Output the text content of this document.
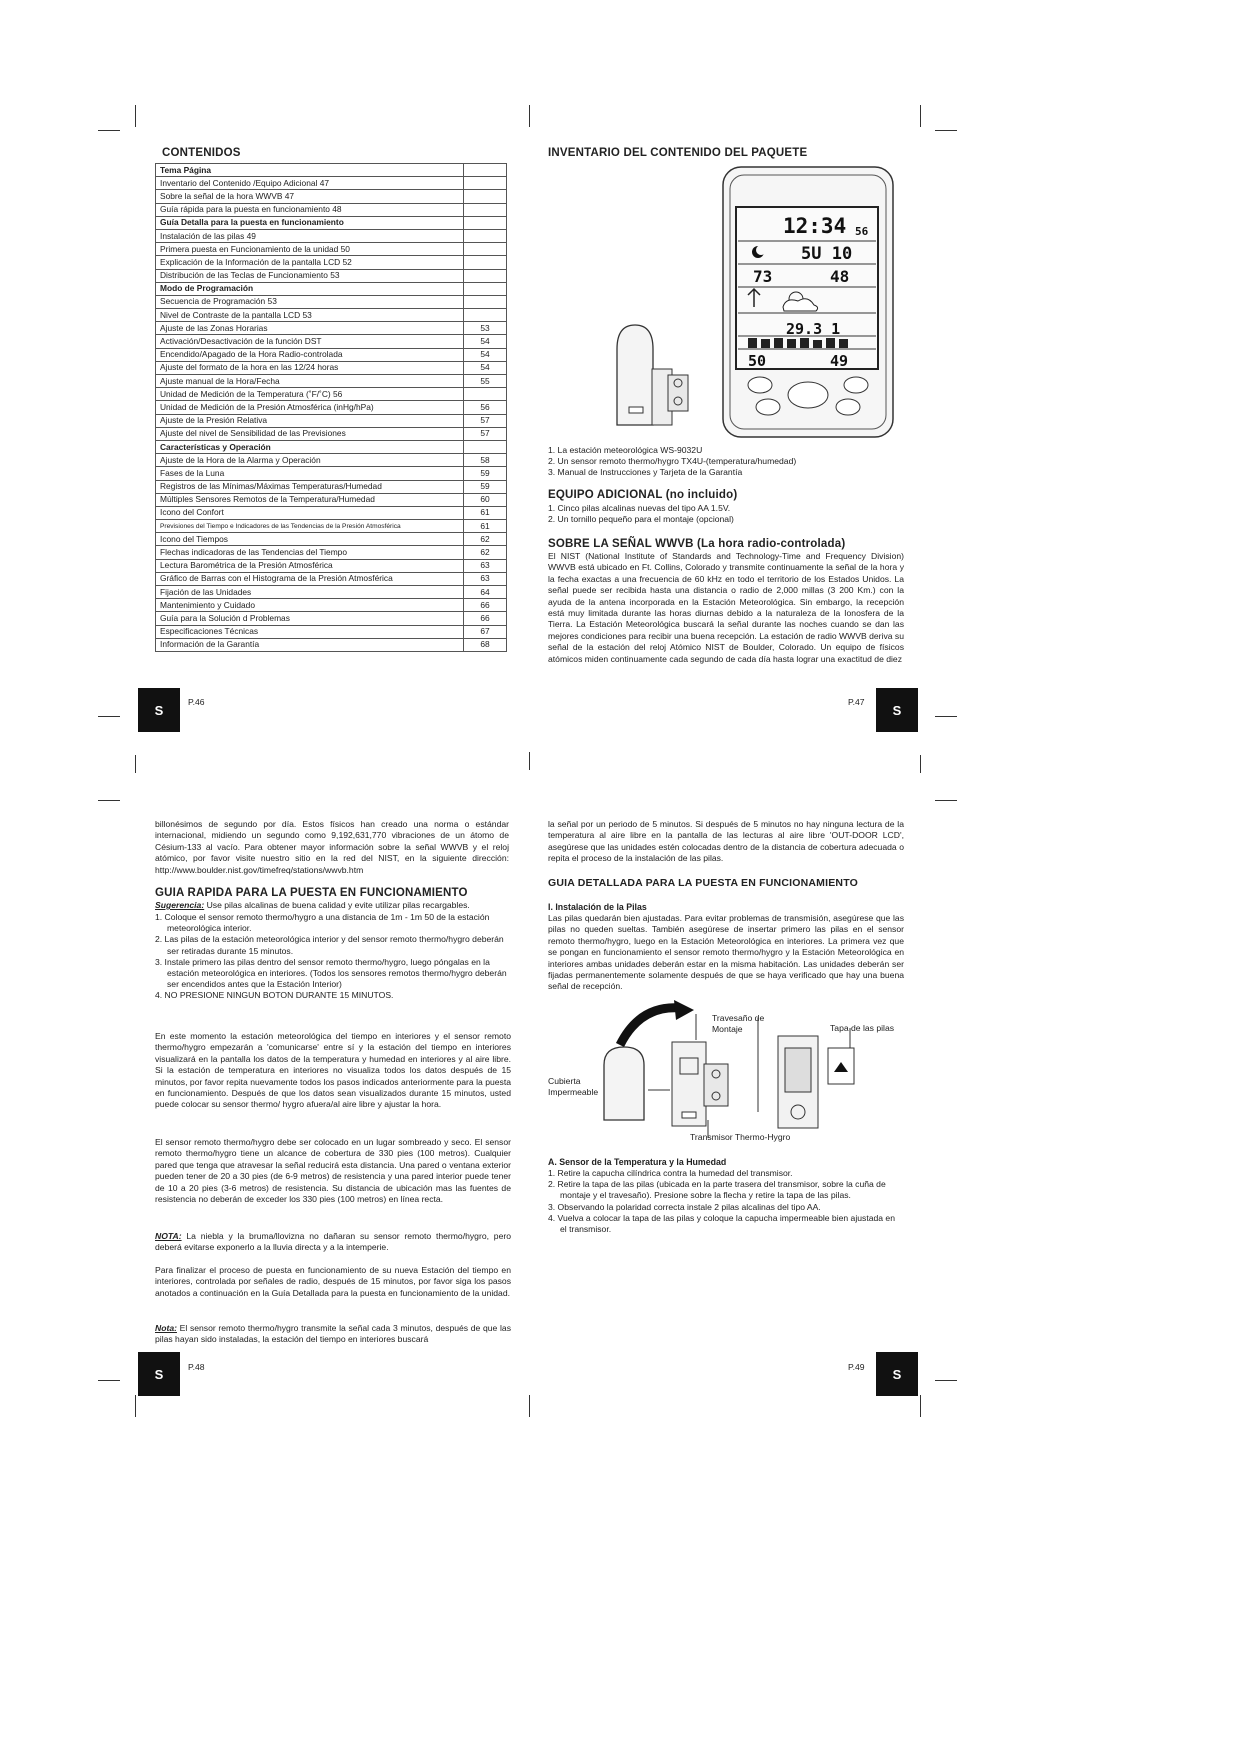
CONTENIDOS
Tema Página	
Inventario del Contenido /Equipo Adicional 47	
Sobre la señal de la hora WWVB 47	
Guía rápida para la puesta en funcionamiento 48	
Guía Detalla para la puesta en funcionamiento	
Instalación de las pilas 49	
Primera puesta en Funcionamiento de la unidad 50	
Explicación de la Información de la pantalla LCD 52	
Distribución de las Teclas de Funcionamiento 53	
Modo de Programación	
Secuencia de Programación 53	
Nivel de Contraste de la pantalla LCD 53	
Ajuste de las Zonas Horarias	53
Activación/Desactivación de la función DST	54
Encendido/Apagado de la Hora Radio-controlada	54
Ajuste del formato de la hora en las 12/24 horas	54
Ajuste manual de la Hora/Fecha	55
Unidad de Medición de la Temperatura (˚F/˚C) 56	
Unidad de Medición de la Presión Atmosférica (inHg/hPa)	56
Ajuste de la Presión Relativa	57
Ajuste del nivel de Sensibilidad de las Previsiones	57
Características y Operación	
Ajuste de la Hora de la Alarma y Operación	58
Fases de la Luna	59
Registros de las Mínimas/Máximas Temperaturas/Humedad	59
Múltiples Sensores Remotos de la Temperatura/Humedad	60
Icono del Confort	61
Previsiones del Tiempo e Indicadores de las Tendencias de la Presión Atmosférica	61
Icono del Tiempos	62
Flechas indicadoras de las Tendencias del Tiempo	62
Lectura Barométrica de la Presión Atmosférica	63
Gráfico de Barras con el Histograma de la Presión Atmosférica	63
Fijación de las Unidades	64
Mantenimiento y Cuidado	66
Guía para la Solución d Problemas	66
Especificaciones Técnicas	67
Información de la Garantía	68
S
P.46
INVENTARIO DEL CONTENIDO DEL PAQUETE
12:34 56
5U 10
73	48
29.3 1
50	49
1. La estación meteorológica WS-9032U
2. Un sensor remoto thermo/hygro TX4U-(temperatura/humedad)
3. Manual de Instrucciones y Tarjeta de la Garantía
EQUIPO ADICIONAL (no incluido)
1. Cinco pilas alcalinas nuevas del tipo AA 1.5V.
2. Un tornillo pequeño para el montaje (opcional)
SOBRE LA SEÑAL WWVB (La hora radio-controlada)

El NIST (National Institute of Standards and Technology-Time and Frequency Division) WWVB está ubicado en Ft. Collins, Colorado y transmite continuamente la señal de la hora y la fecha exactas a una frecuencia de 60 kHz en todo el territorio de los Estados Unidos. La señal puede ser recibida hasta una distancia o radio de 2,000 millas (3 200 Km.) con la ayuda de la antena incorporada en la Estación Meteorológica. Sin embargo, la recepción está muy limitada durante las horas diurnas debido a la naturaleza de la Ionosfera de la Tierra. La Estación Meteorológica buscará la señal durante las noches cuando se dan las mejores condiciones para recibir una buena recepción. La estación de radio WWVB deriva su señal de la estación del reloj Atómico NIST de Boulder, Colorado. Un equipo de físicos atómicos miden continuamente cada segundo de cada día hasta lograr una exactitud de diez

P.47
S

billonésimos de segundo por día. Estos físicos han creado una norma o estándar internacional, midiendo un segundo como 9,192,631,770 vibraciones de un átomo de Césium-133 al vacío. Para obtener mayor información sobre la señal WWVB y el reloj atómico, por favor visite nuestro sitio en la red del NIST, en la siguiente dirección: http://www.boulder.nist.gov/timefreq/stations/wwvb.htm

GUIA RAPIDA PARA LA PUESTA EN FUNCIONAMIENTO

Sugerencia: Use pilas alcalinas de buena calidad y evite utilizar pilas recargables.

1. Coloque el sensor remoto thermo/hygro a una distancia de 1m - 1m 50 de la estación meteorológica interior.
2. Las pilas de la estación meteorológica interior y del sensor remoto thermo/hygro deberán ser retiradas durante 15 minutos.
3. Instale primero las pilas dentro del sensor remoto thermo/hygro, luego póngalas en la estación meteorológica en interiores. (Todos los sensores remotos thermo/hygro deberán ser encendidos antes que la Estación Interior)
4. NO PRESIONE NINGUN BOTON DURANTE 15 MINUTOS.

En este momento la estación meteorológica del tiempo en interiores y el sensor remoto thermo/hygro empezarán a 'comunicarse' entre sí y la estación del tiempo en interiores visualizará en la pantalla los datos de la temperatura y humedad en interiores y al aire libre. Si la estación de temperatura en interiores no visualiza todos los datos después de 15 minutos, por favor repita nuevamente todos los pasos indicados anteriormente para la puesta en funcionamiento. Después de que los datos sean visualizados durante 15 minutos, usted puede colocar su sensor thermo/ hygro afuera/al aire libre y ajustar la hora.

El sensor remoto thermo/hygro debe ser colocado en un lugar sombreado y seco. El sensor remoto thermo/hygro tiene un alcance de cobertura de 330 pies (100 metros). Cualquier pared que tenga que atravesar la señal reducirá esta distancia. Una pared o ventana exterior pueden tener de 20 a 30 pies (de 6-9 metros) de resistencia y una pared interior puede tener de 10 a 20 pies (3-6 metros) de resistencia. Su distancia de ubicación mas las fuentes de resistencia no deberán de exceder los 330 pies (100 metros) en línea recta.

NOTA: La niebla y la bruma/llovizna no dañaran su sensor remoto thermo/hygro, pero deberá evitarse exponerlo a la lluvia directa y a la intemperie.

Para finalizar el proceso de puesta en funcionamiento de su nueva Estación del tiempo en interiores, controlada por señales de radio, después de 15 minutos, por favor siga los pasos anotados a continuación en la Guía Detallada para la puesta en funcionamiento de la unidad.

Nota: El sensor remoto thermo/hygro transmite la señal cada 3 minutos, después de que las pilas hayan sido instaladas, la estación del tiempo en interiores buscará

S	P.48

la señal por un periodo de 5 minutos. Si después de 5 minutos no hay ninguna lectura de la temperatura al aire libre en la pantalla de las lecturas al aire libre 'OUT-DOOR LCD', asegúrese que las unidades estén colocadas dentro de la distancia de cobertura adecuada o repita el proceso de la instalación de las pilas.

GUIA DETALLADA PARA LA PUESTA EN FUNCIONAMIENTO

I. Instalación de la Pilas

Las pilas quedarán bien ajustadas. Para evitar problemas de transmisión, asegúrese que las pilas no queden sueltas. También asegúrese de insertar primero las pilas en el sensor remoto thermo/hygro, luego en la Estación Meteorológica en interiores. La primera vez que se pongan en funcionamiento el sensor remoto thermo/hygro y la Estación Meteorológica en interiores ambas unidades deberán estar en la misma habitación. Las unidades deberán ser fijadas permanentemente solamente después de que se haya verificado que hay una buena señal de recepción.

Travesaño de Montaje	Tapa de las pilas
Cubierta Impermeable
Transmisor Thermo-Hygro

A. Sensor de la Temperatura y la Humedad

1. Retire la capucha cilíndrica contra la humedad del transmisor.
2. Retire la tapa de las pilas (ubicada en la parte trasera del transmisor, sobre la cuña de montaje y el travesaño). Presione sobre la flecha y retire la tapa de las pilas.
3. Observando la polaridad correcta instale 2 pilas alcalinas del tipo AA.
4. Vuelva a colocar la tapa de las pilas y coloque la capucha impermeable bien ajustada en el transmisor.
P.49	S
